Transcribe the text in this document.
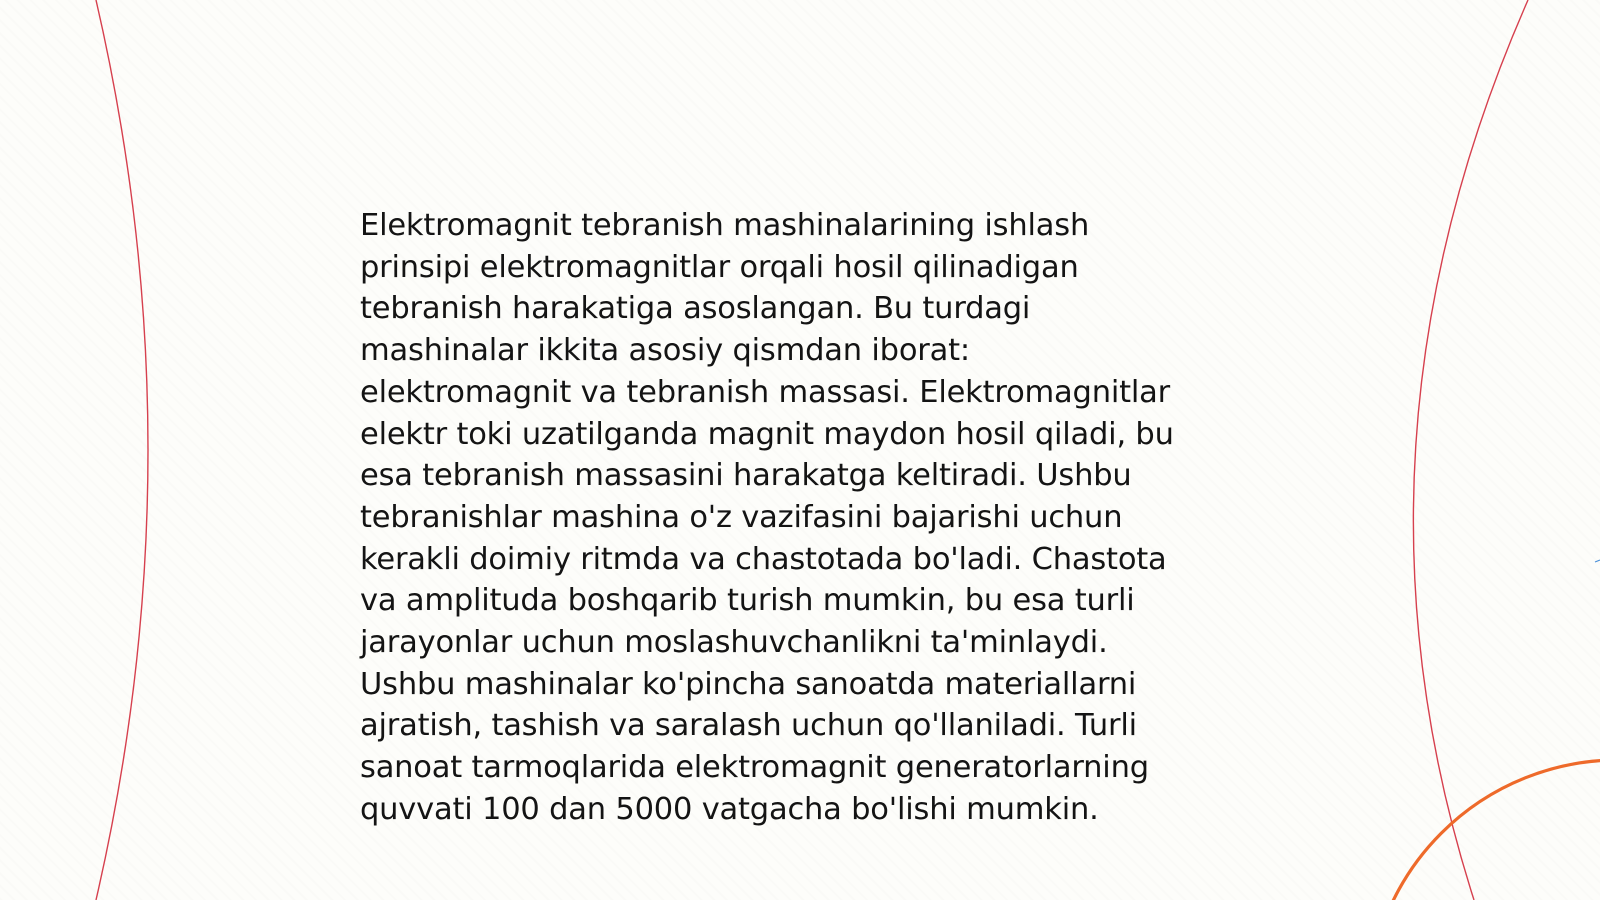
Elektromagnit tebranish mashinalarining ishlash
prinsipi elektromagnitlar orqali hosil qilinadigan
tebranish harakatiga asoslangan. Bu turdagi
mashinalar ikkita asosiy qismdan iborat:
elektromagnit va tebranish massasi. Elektromagnitlar
elektr toki uzatilganda magnit maydon hosil qiladi, bu
esa tebranish massasini harakatga keltiradi. Ushbu
tebranishlar mashina o'z vazifasini bajarishi uchun
kerakli doimiy ritmda va chastotada bo'ladi. Chastota
va amplituda boshqarib turish mumkin, bu esa turli
jarayonlar uchun moslashuvchanlikni ta'minlaydi.
Ushbu mashinalar ko'pincha sanoatda materiallarni
ajratish, tashish va saralash uchun qo'llaniladi. Turli
sanoat tarmoqlarida elektromagnit generatorlarning
quvvati 100 dan 5000 vatgacha bo'lishi mumkin.
